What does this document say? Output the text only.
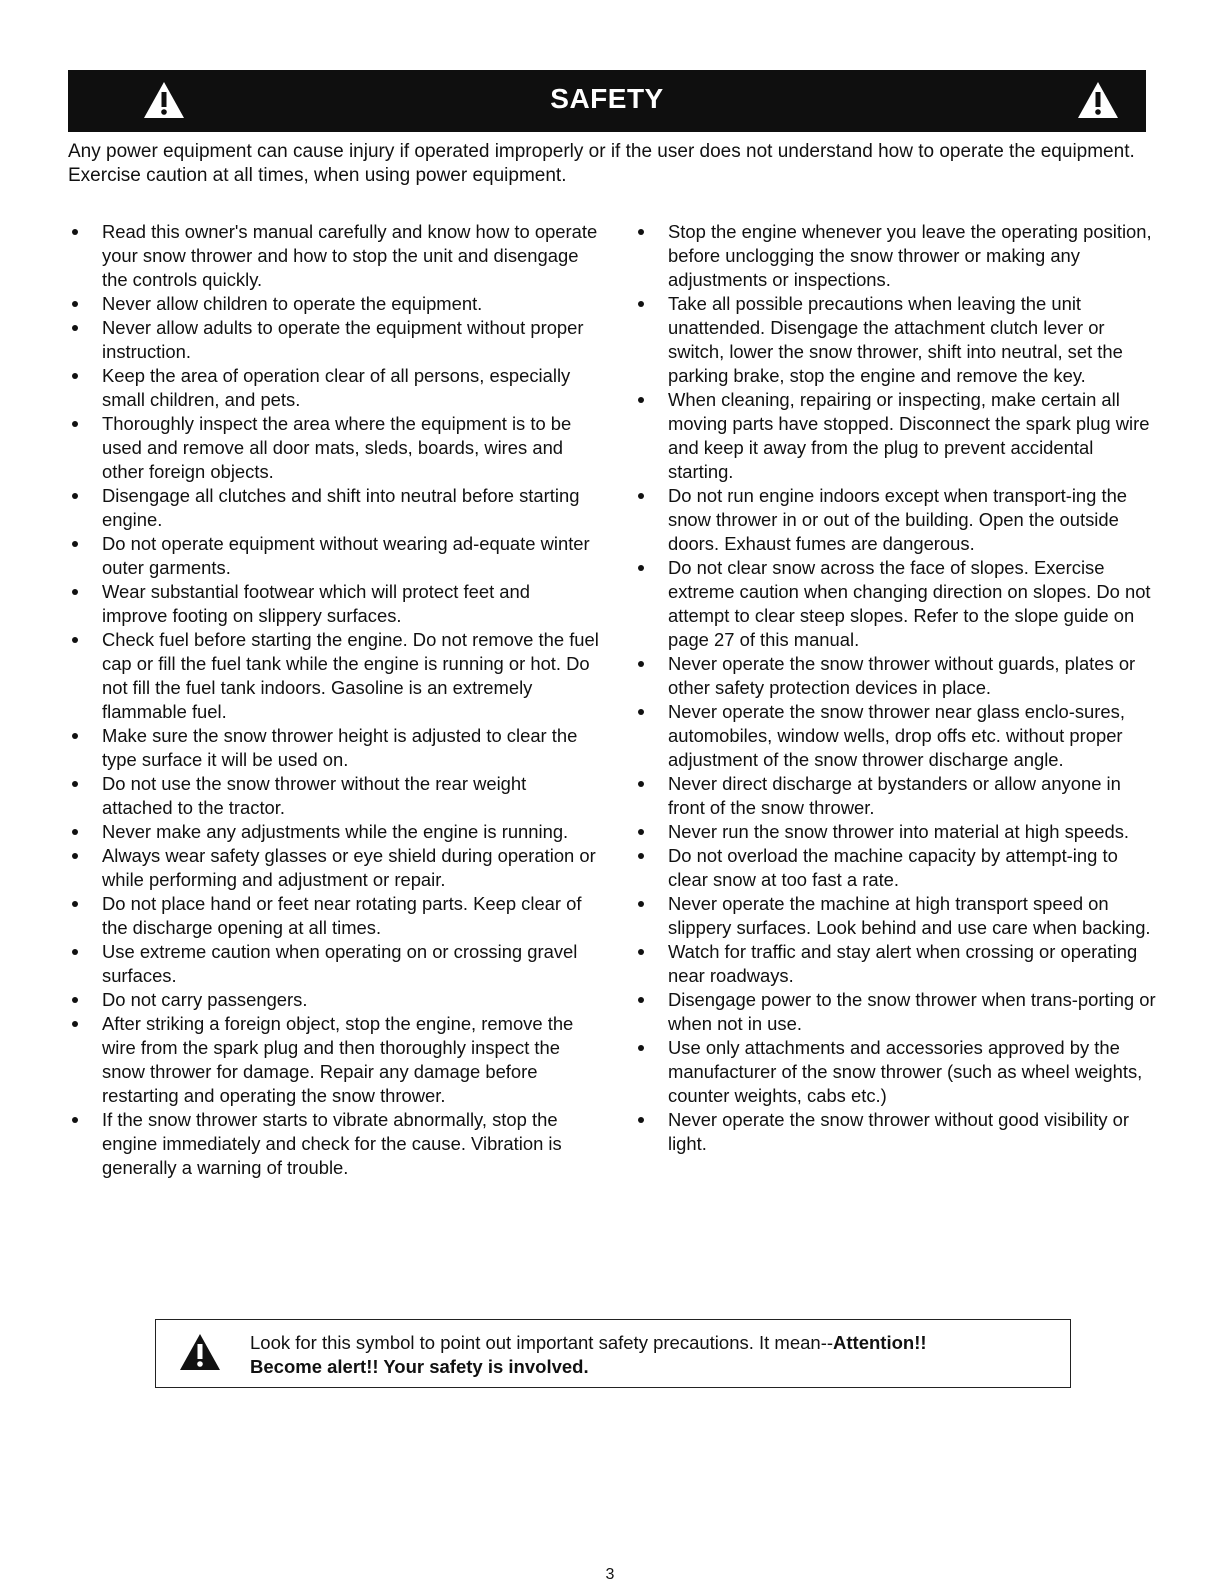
SAFETY

Any power equipment can cause injury if operated improperly or if the user does not understand how to operate the equipment. Exercise caution at all times, when using power equipment.

Read this owner's manual carefully and know how to operate your snow thrower and how to stop the unit and disengage the controls quickly.
Never allow children to operate the equipment.
Never allow adults to operate the equipment without proper instruction.
Keep the area of operation clear of all persons, especially small children, and pets.
Thoroughly inspect the area where the equipment is to be used and remove all door mats, sleds, boards, wires and other foreign objects.
Disengage all clutches and shift into neutral before starting engine.
Do not operate equipment without wearing ad-equate winter outer garments.
Wear substantial footwear which will protect feet and improve footing on slippery surfaces.
Check fuel before starting the engine. Do not remove the fuel cap or fill the fuel tank while the engine is running or hot. Do not fill the fuel tank indoors. Gasoline is an extremely flammable fuel.
Make sure the snow thrower height is adjusted to clear the type surface it will be used on.
Do not use the snow thrower without the rear weight attached to the tractor.
Never make any adjustments while the engine is running.
Always wear safety glasses or eye shield during operation or while performing and adjustment or repair.
Do not place hand or feet near rotating parts. Keep clear of the discharge opening at all times.
Use extreme caution when operating on or crossing gravel surfaces.
Do not carry passengers.
After striking a foreign object, stop the engine, remove the wire from the spark plug and then thoroughly inspect the snow thrower for damage. Repair any damage before restarting and operating the snow thrower.
If the snow thrower starts to vibrate abnormally, stop the engine immediately and check for the cause. Vibration is generally a warning of trouble.
Stop the engine whenever you leave the operating position, before unclogging the snow thrower or making any adjustments or inspections.
Take all possible precautions when leaving the unit unattended. Disengage the attachment clutch lever or switch, lower the snow thrower, shift into neutral, set the parking brake, stop the engine and remove the key.
When cleaning, repairing or inspecting, make certain all moving parts have stopped. Disconnect the spark plug wire and keep it away from the plug to prevent accidental starting.
Do not run engine indoors except when transport-ing the snow thrower in or out of the building. Open the outside doors. Exhaust fumes are dangerous.
Do not clear snow across the face of slopes. Exercise extreme caution when changing direction on slopes. Do not attempt to clear steep slopes. Refer to the slope guide on page 27 of this manual.
Never operate the snow thrower without guards, plates or other safety protection devices in place.
Never operate the snow thrower near glass enclo-sures, automobiles, window wells, drop offs etc. without proper adjustment of the snow thrower discharge angle.
Never direct discharge at bystanders or allow anyone in front of the snow thrower.
Never run the snow thrower into material at high speeds.
Do not overload the machine capacity by attempt-ing to clear snow at too fast a rate.
Never operate the machine at high transport speed on slippery surfaces. Look behind and use care when backing.
Watch for traffic and stay alert when crossing or operating near roadways.
Disengage power to the snow thrower when trans-porting or when not in use.
Use only attachments and accessories approved by the manufacturer of the snow thrower (such as wheel weights, counter weights, cabs etc.)
Never operate the snow thrower without good visibility or light.
Look for this symbol to point out important safety precautions. It mean--Attention!!
Become alert!! Your safety is involved.
3
